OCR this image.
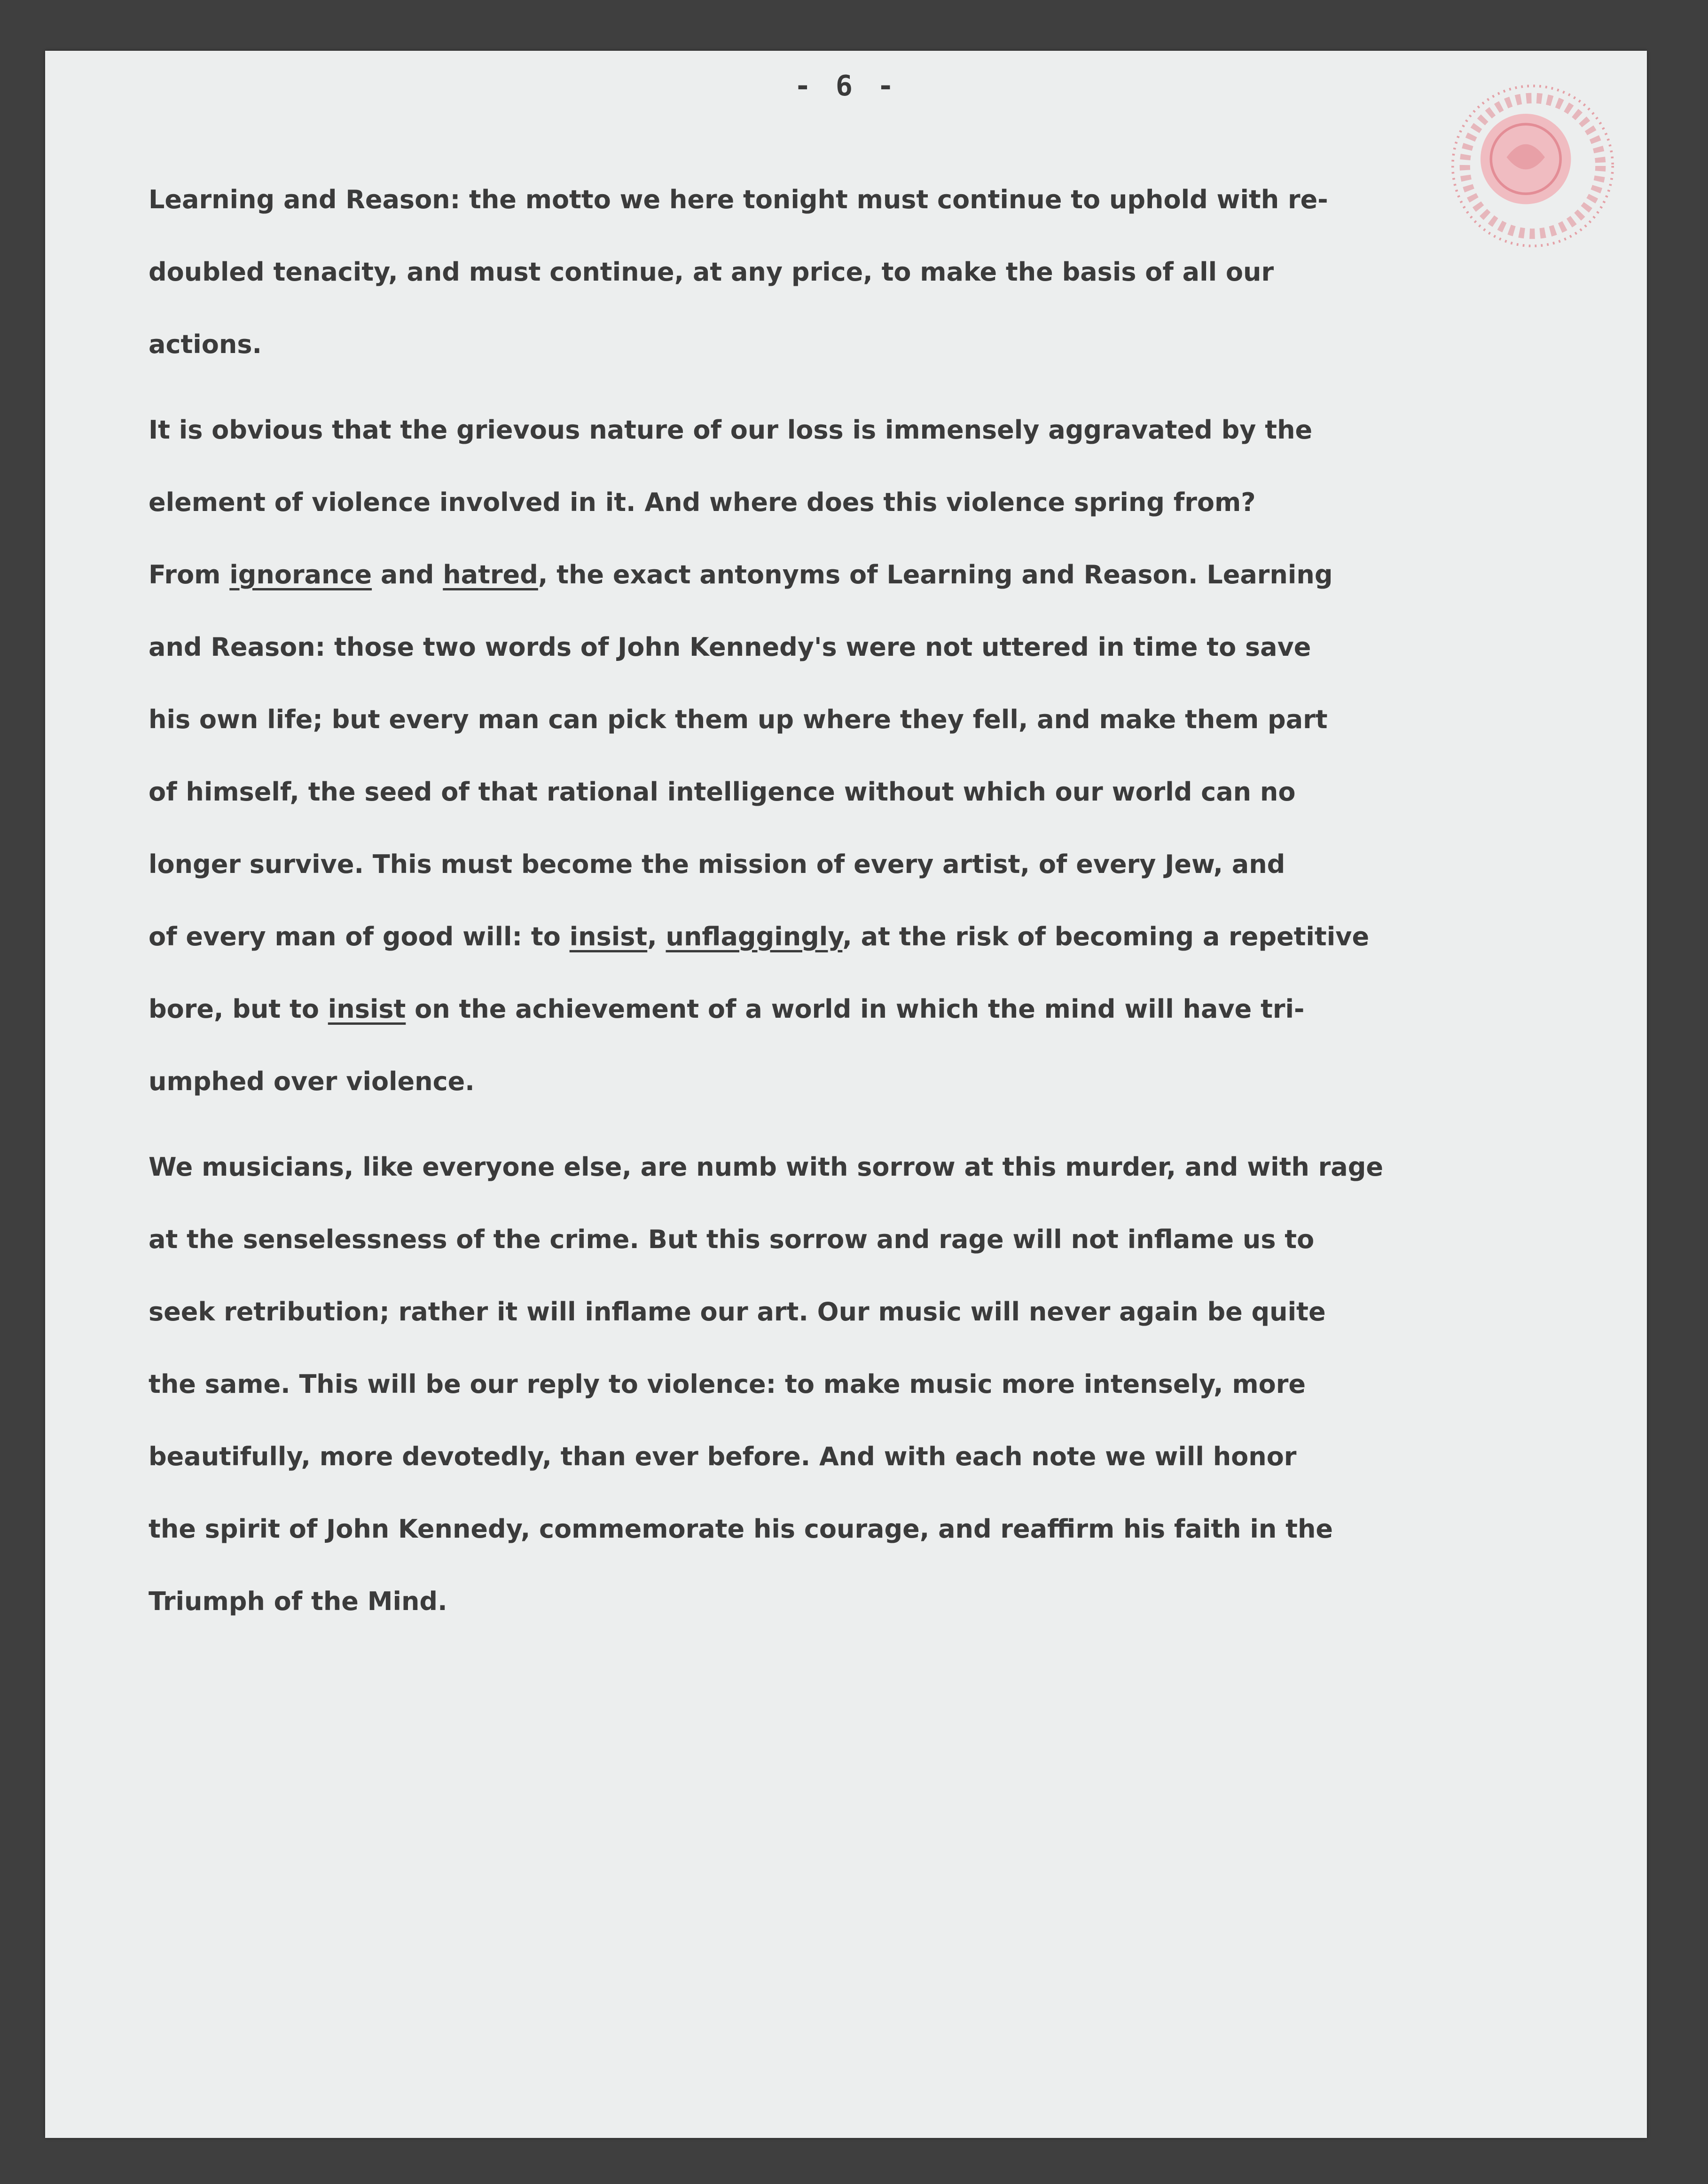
- 6 -
Learning and Reason: the motto we here tonight must continue to uphold with re-
doubled tenacity, and must continue, at any price, to make the basis of all our
actions.
It is obvious that the grievous nature of our loss is immensely aggravated by the
element of violence involved in it. And where does this violence spring from?
From ignorance and hatred, the exact antonyms of Learning and Reason. Learning
and Reason: those two words of John Kennedy's were not uttered in time to save
his own life; but every man can pick them up where they fell, and make them part
of himself, the seed of that rational intelligence without which our world can no
longer survive. This must become the mission of every artist, of every Jew, and
of every man of good will: to insist, unflaggingly, at the risk of becoming a repetitive
bore, but to insist on the achievement of a world in which the mind will have tri-
umphed over violence.
We musicians, like everyone else, are numb with sorrow at this murder, and with rage
at the senselessness of the crime. But this sorrow and rage will not inflame us to
seek retribution; rather it will inflame our art. Our music will never again be quite
the same. This will be our reply to violence: to make music more intensely, more
beautifully, more devotedly, than ever before. And with each note we will honor
the spirit of John Kennedy, commemorate his courage, and reaffirm his faith in the
Triumph of the Mind.
